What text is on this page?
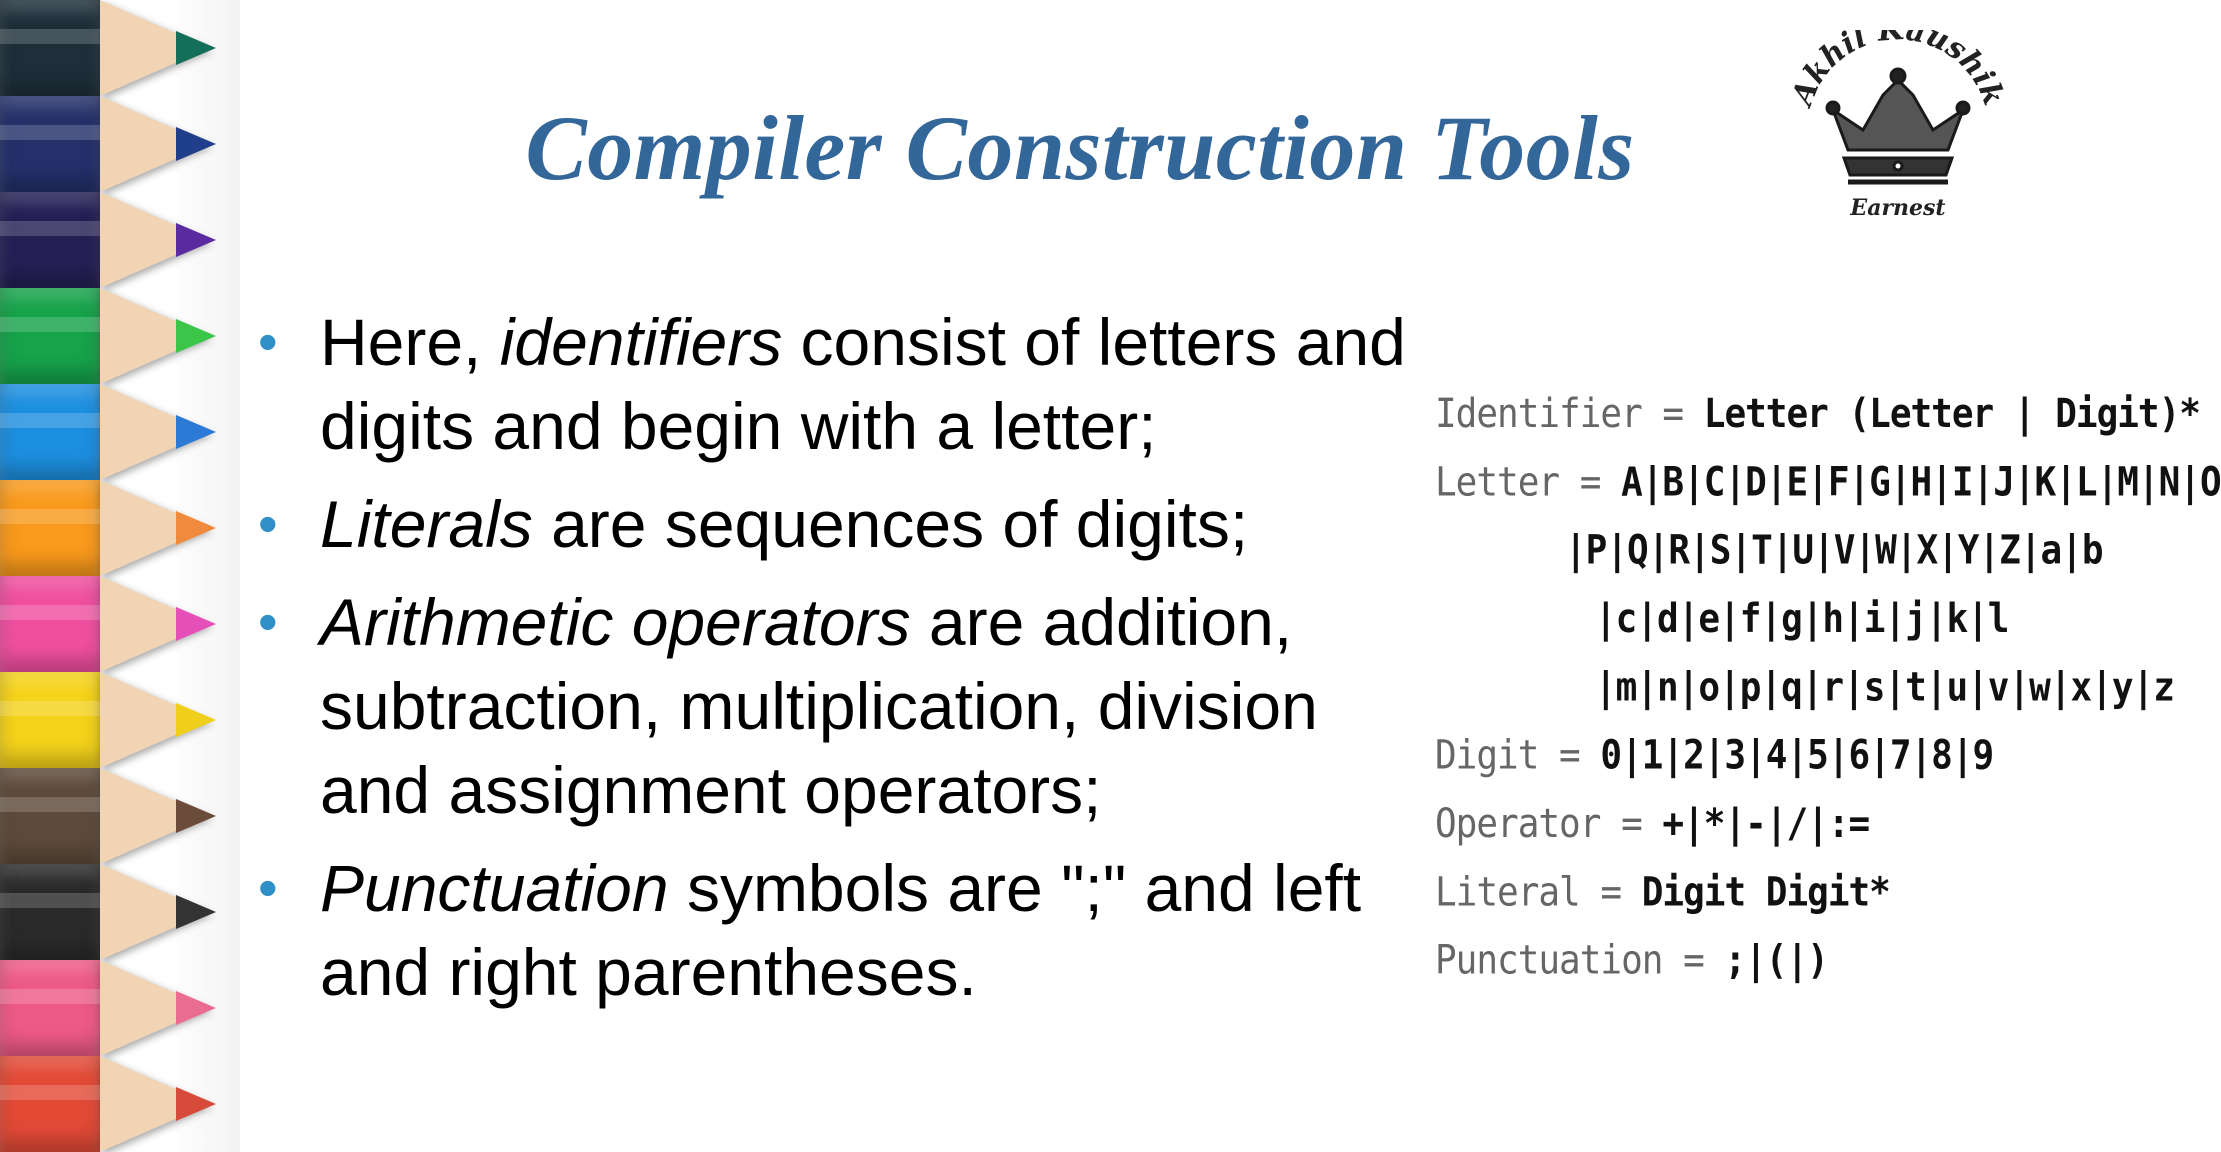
Compiler Construction Tools
Akhil Kaushik
Earnest
• Here, identifiers consist of letters and digits and begin with a letter;
• Literals are sequences of digits;
• Arithmetic operators are addition, subtraction, multiplication, division and assignment operators;
• Punctuation symbols are ";" and left and right parentheses.
Identifier = Letter (Letter | Digit)*
Letter = A|B|C|D|E|F|G|H|I|J|K|L|M|N|O
|P|Q|R|S|T|U|V|W|X|Y|Z|a|b
|c|d|e|f|g|h|i|j|k|l
|m|n|o|p|q|r|s|t|u|v|w|x|y|z
Digit = 0|1|2|3|4|5|6|7|8|9
Operator = +|*|-|/|:=
Literal = Digit Digit*
Punctuation = ;|(|)
